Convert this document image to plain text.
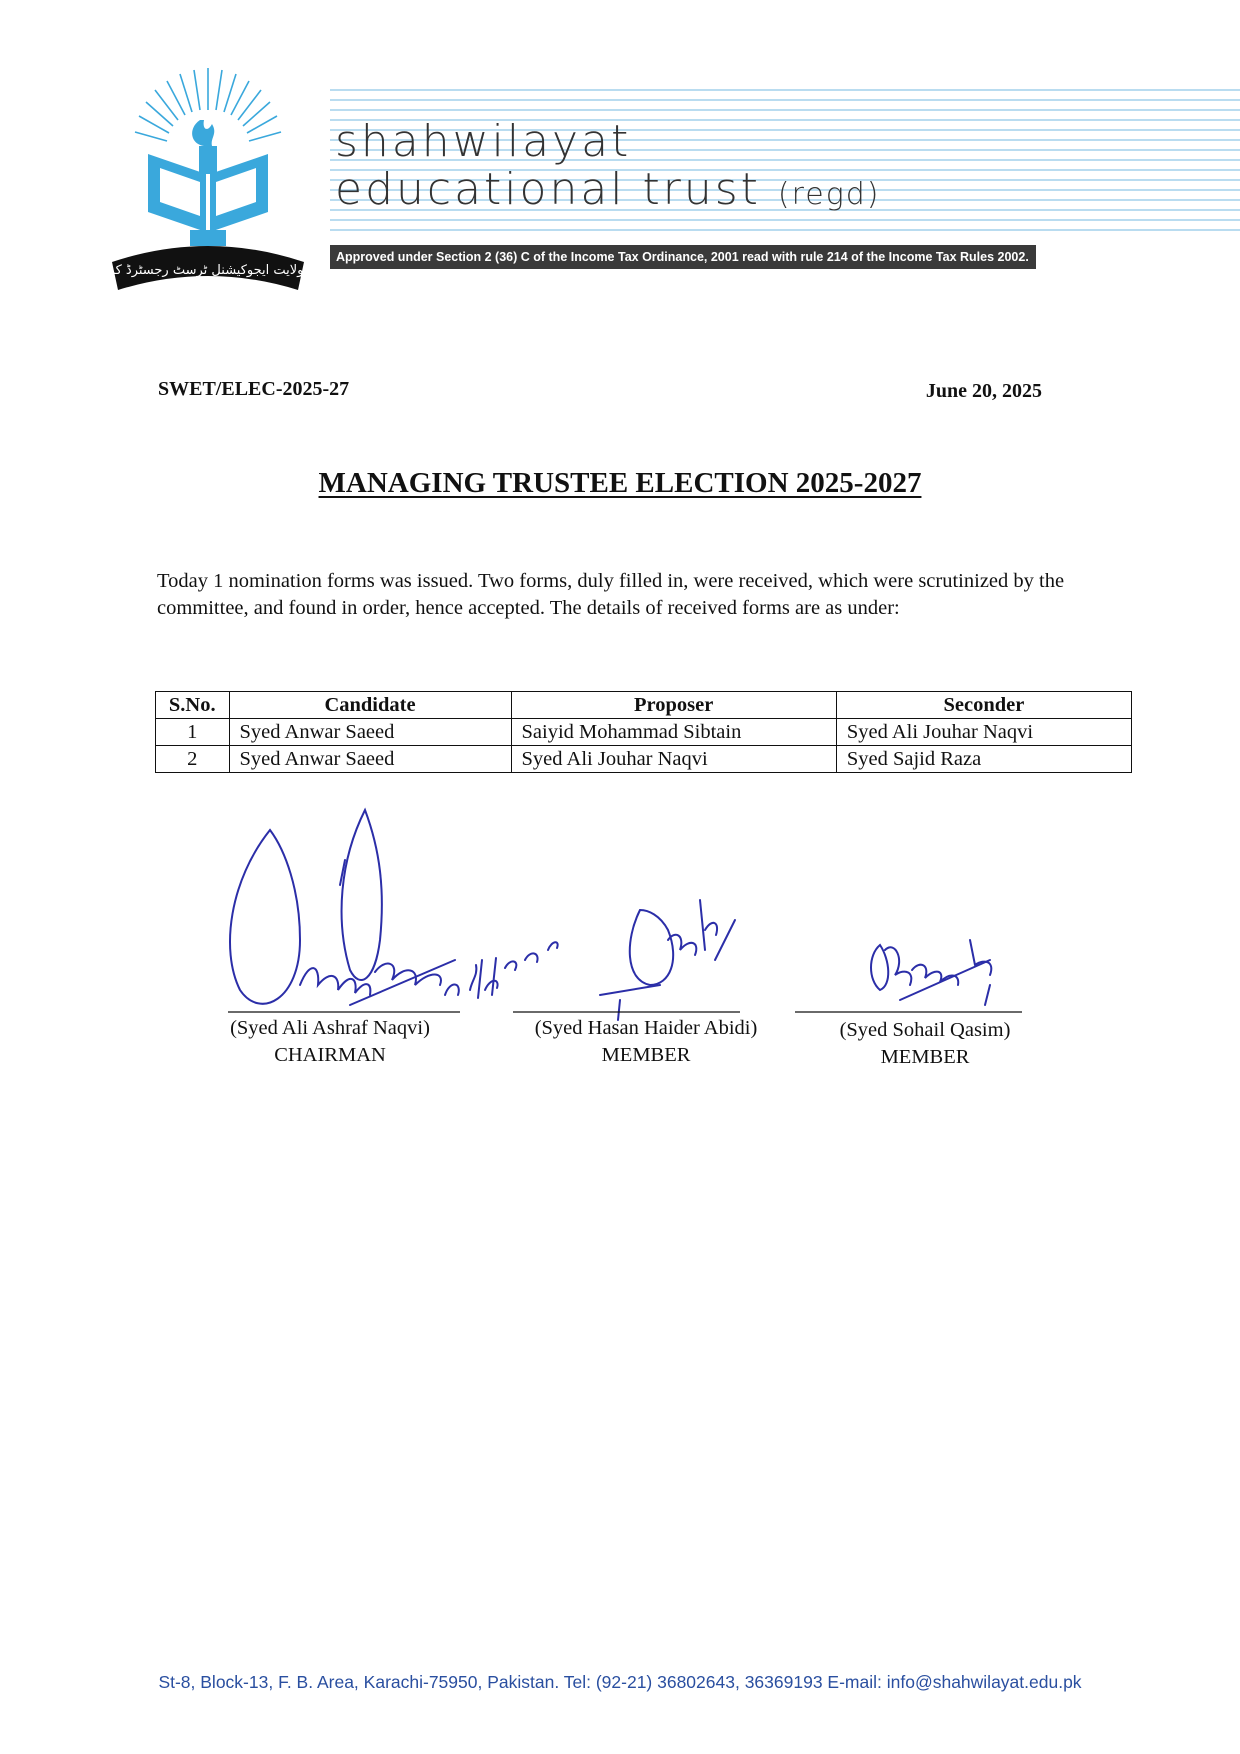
شاہ ولایت ایجوکیشنل ٹرسٹ رجسٹرڈ کراچی
shahwilayat
educational trust (regd)
Approved under Section 2 (36) C of the Income Tax Ordinance, 2001 read with rule 214 of the Income Tax Rules 2002.
SWET/ELEC-2025-27	June 20, 2025
MANAGING TRUSTEE ELECTION 2025-2027
Today 1 nomination forms was issued. Two forms, duly filled in, were received, which were scrutinized by the committee, and found in order, hence accepted. The details of received forms are as under:
S.No.	Candidate	Proposer	Seconder
1	Syed Anwar Saeed	Saiyid Mohammad Sibtain	Syed Ali Jouhar Naqvi
2	Syed Anwar Saeed	Syed Ali Jouhar Naqvi	Syed Sajid Raza
(Syed Ali Ashraf Naqvi)
CHAIRMAN
(Syed Hasan Haider Abidi)
MEMBER
(Syed Sohail Qasim)
MEMBER
St-8, Block-13, F. B. Area, Karachi-75950, Pakistan. Tel: (92-21) 36802643, 36369193 E-mail: info@shahwilayat.edu.pk
